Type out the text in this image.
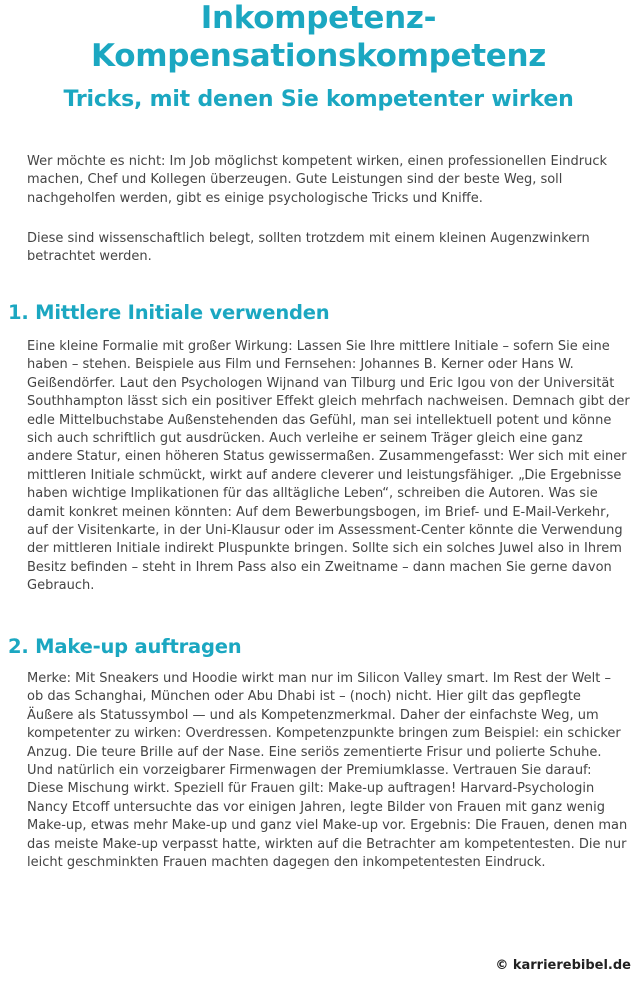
Inkompetenz-
Kompensationskompetenz
Tricks, mit denen Sie kompetenter wirken

Wer möchte es nicht: Im Job möglichst kompetent wirken, einen professionellen Eindruck machen, Chef und Kollegen überzeugen. Gute Leistungen sind der beste Weg, soll nachgeholfen werden, gibt es einige psychologische Tricks und Kniffe.

Diese sind wissenschaftlich belegt, sollten trotzdem mit einem kleinen Augenzwinkern betrachtet werden.

1. Mittlere Initiale verwenden

Eine kleine Formalie mit großer Wirkung: Lassen Sie Ihre mittlere Initiale – sofern Sie eine haben – stehen. Beispiele aus Film und Fernsehen: Johannes B. Kerner oder Hans W. Geißendörfer. Laut den Psychologen Wijnand van Tilburg und Eric Igou von der Universität Southhampton lässt sich ein positiver Effekt gleich mehrfach nachweisen. Demnach gibt der edle Mittelbuchstabe Außenstehenden das Gefühl, man sei intellektuell potent und könne sich auch schriftlich gut ausdrücken. Auch verleihe er seinem Träger gleich eine ganz andere Statur, einen höheren Status gewissermaßen. Zusammengefasst: Wer sich mit einer mittleren Initiale schmückt, wirkt auf andere cleverer und leistungsfähiger. „Die Ergebnisse haben wichtige Implikationen für das alltägliche Leben“, schreiben die Autoren. Was sie damit konkret meinen könnten: Auf dem Bewerbungsbogen, im Brief- und E-Mail-Verkehr, auf der Visitenkarte, in der Uni-Klausur oder im Assessment-Center könnte die Verwendung der mittleren Initiale indirekt Pluspunkte bringen. Sollte sich ein solches Juwel also in Ihrem Besitz befinden – steht in Ihrem Pass also ein Zweitname – dann machen Sie gerne davon Gebrauch.

2. Make-up auftragen

Merke: Mit Sneakers und Hoodie wirkt man nur im Silicon Valley smart. Im Rest der Welt – ob das Schanghai, München oder Abu Dhabi ist – (noch) nicht. Hier gilt das gepflegte Äußere als Statussymbol — und als Kompetenzmerkmal. Daher der einfachste Weg, um kompetenter zu wirken: Overdressen. Kompetenzpunkte bringen zum Beispiel: ein schicker Anzug. Die teure Brille auf der Nase. Eine seriös zementierte Frisur und polierte Schuhe. Und natürlich ein vorzeigbarer Firmenwagen der Premiumklasse. Vertrauen Sie darauf: Diese Mischung wirkt. Speziell für Frauen gilt: Make-up auftragen! Harvard-Psychologin Nancy Etcoff untersuchte das vor einigen Jahren, legte Bilder von Frauen mit ganz wenig Make-up, etwas mehr Make-up und ganz viel Make-up vor. Ergebnis: Die Frauen, denen man das meiste Make-up verpasst hatte, wirkten auf die Betrachter am kompetentesten. Die nur leicht geschminkten Frauen machten dagegen den inkompetentesten Eindruck.

© karrierebibel.de
